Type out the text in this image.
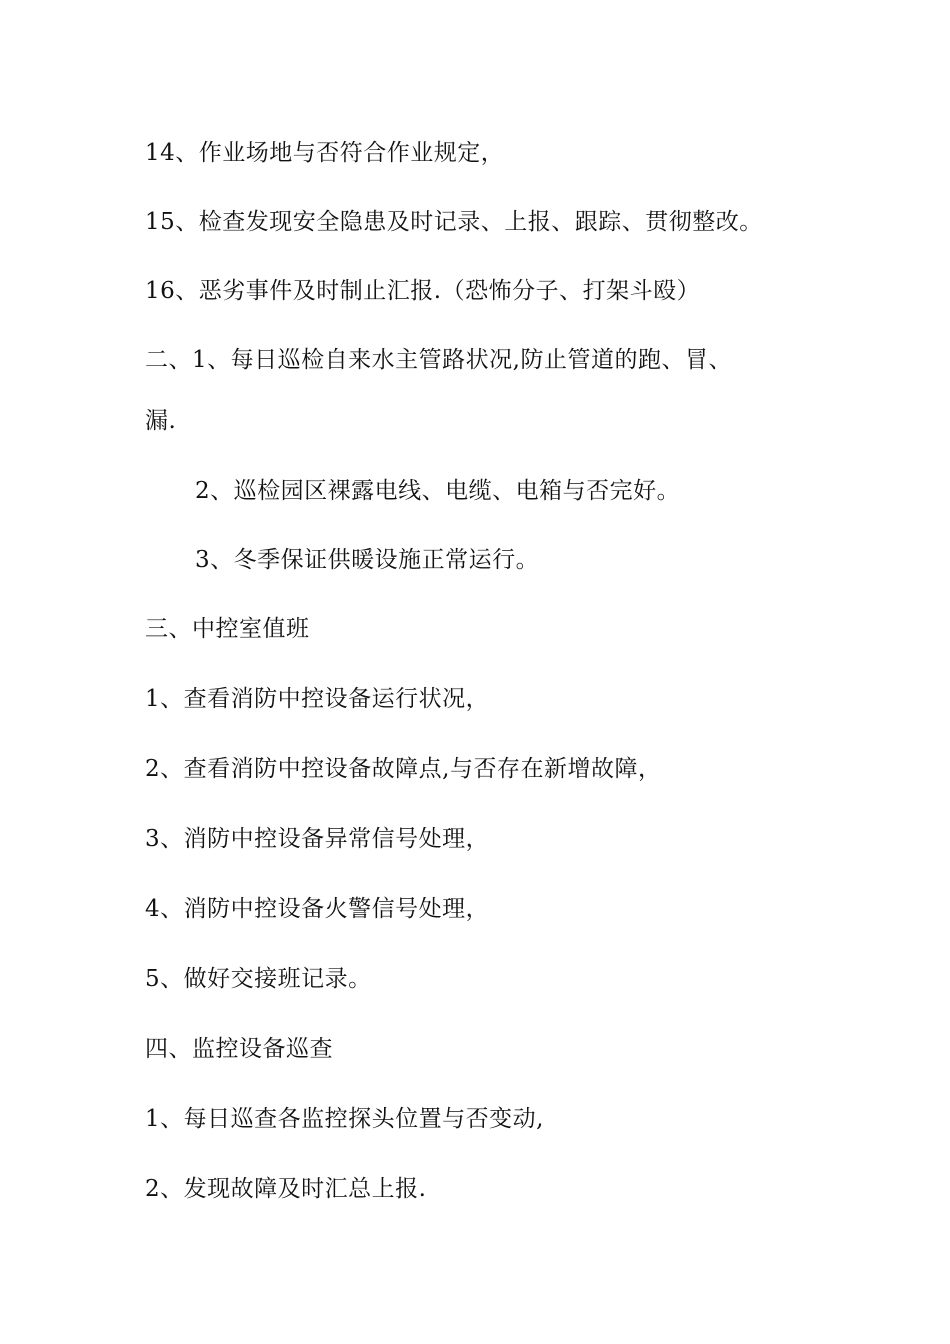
14、作业场地与否符合作业规定，

15、检查发现安全隐患及时记录、上报、跟踪、贯彻整改。

16、恶劣事件及时制止汇报.（恐怖分子、打架斗殴）

二、1、每日巡检自来水主管路状况,防止管道的跑、冒、

漏.

2、巡检园区裸露电线、电缆、电箱与否完好。

3、冬季保证供暖设施正常运行。

三、中控室值班

1、查看消防中控设备运行状况，

2、查看消防中控设备故障点,与否存在新增故障，

3、消防中控设备异常信号处理，

4、消防中控设备火警信号处理，

5、做好交接班记录。

四、监控设备巡查

1、每日巡查各监控探头位置与否变动,

2、发现故障及时汇总上报.
